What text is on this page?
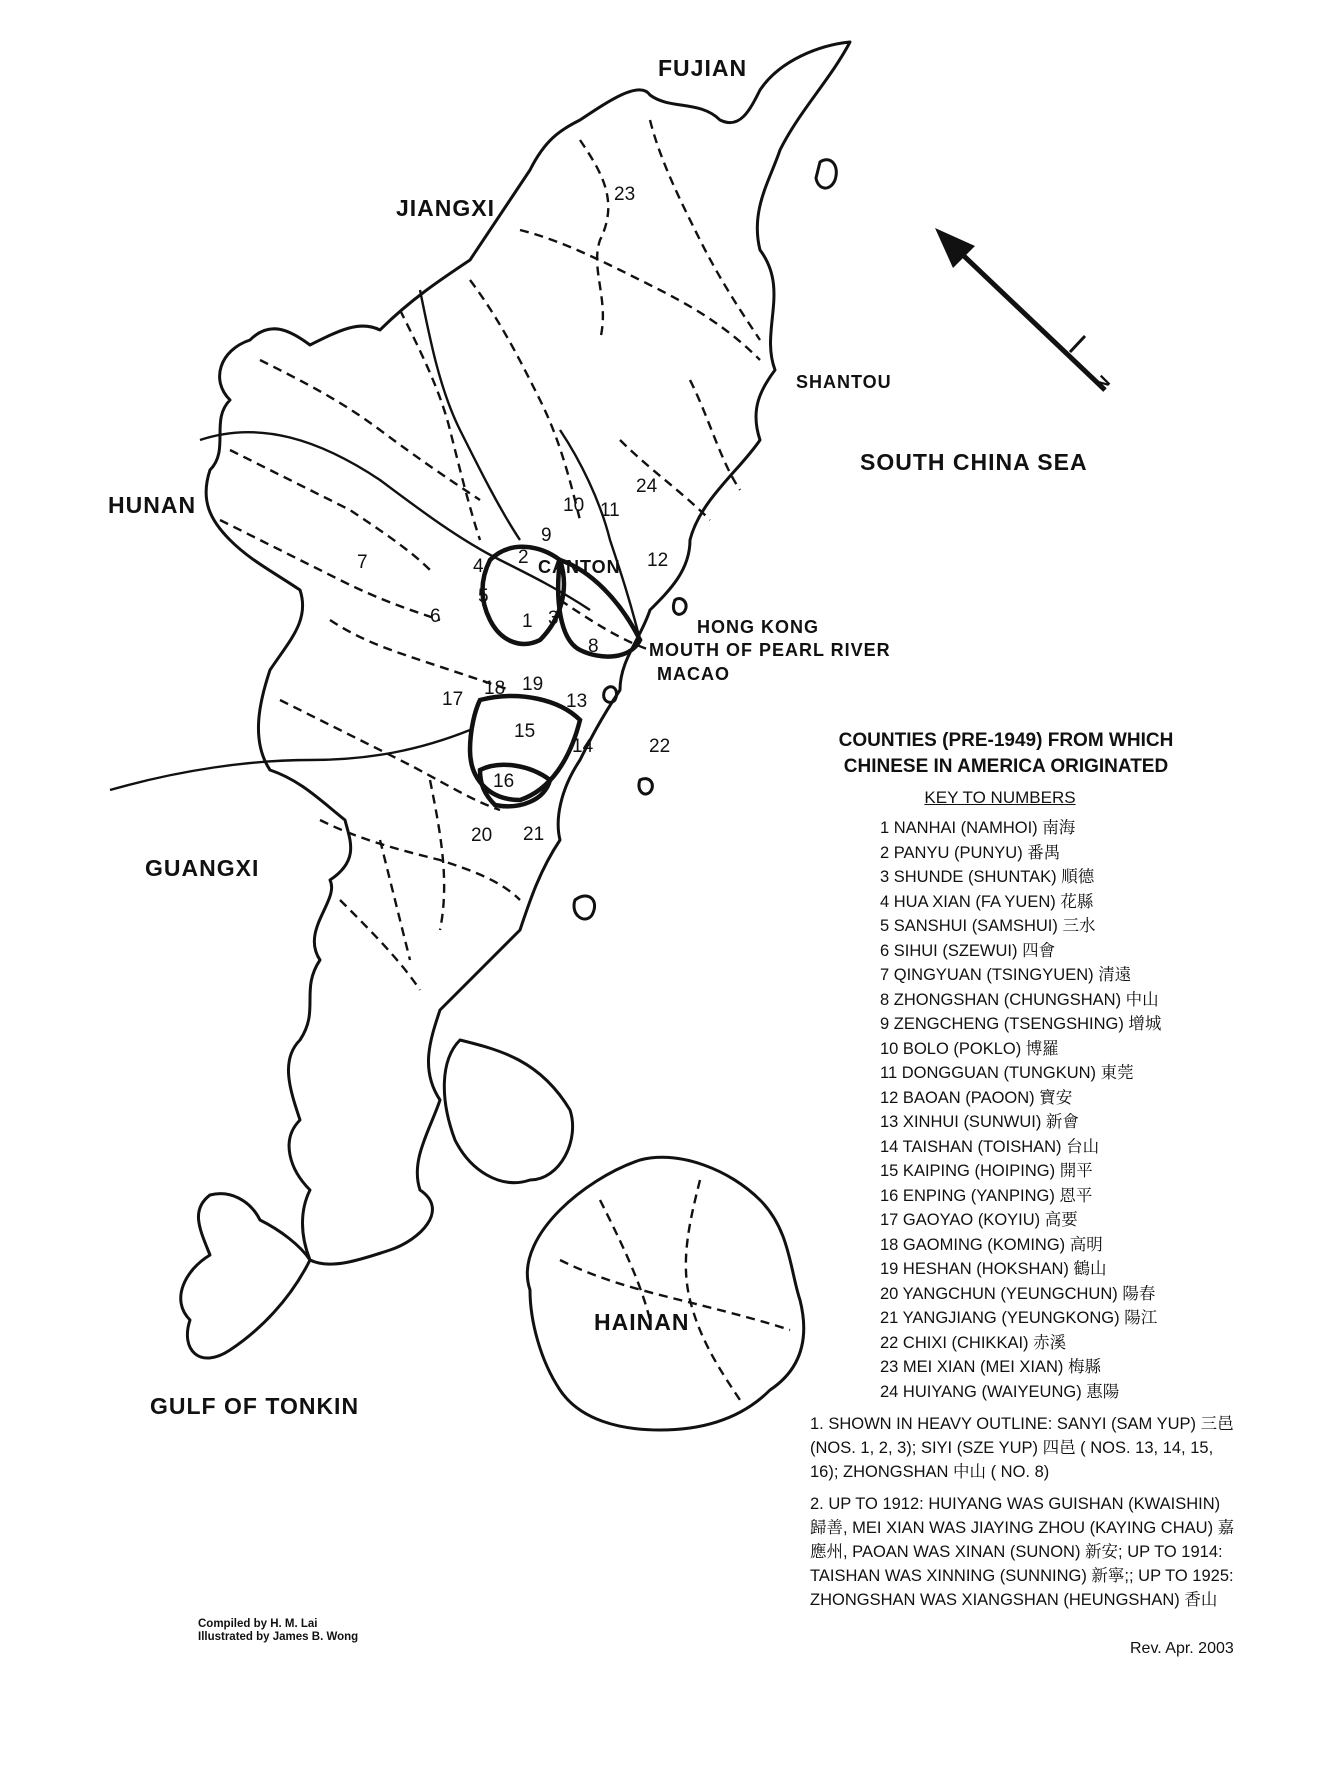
N
FUJIAN
JIANGXI
HUNAN
GUANGXI
HAINAN
SOUTH CHINA SEA
GULF OF TONKIN
SHANTOU
CANTON
HONG KONG
MOUTH OF PEARL RIVER
MACAO
1
2
3
4
5
6
7
8
9
10 11
12
13
14
15
16
17
18 19
20 21
22
23
24
COUNTIES (PRE-1949) FROM WHICH
CHINESE IN AMERICA ORIGINATED
KEY TO NUMBERS
1 NANHAI (NAMHOI) 南海
2 PANYU (PUNYU) 番禺
3 SHUNDE (SHUNTAK) 順德
4 HUA XIAN (FA YUEN) 花縣
5 SANSHUI (SAMSHUI) 三水
6 SIHUI (SZEWUI) 四會
7 QINGYUAN (TSINGYUEN) 清遠
8 ZHONGSHAN (CHUNGSHAN) 中山
9 ZENGCHENG (TSENGSHING) 增城
10 BOLO (POKLO) 博羅
11 DONGGUAN (TUNGKUN) 東莞
12 BAOAN (PAOON) 寶安
13 XINHUI (SUNWUI) 新會
14 TAISHAN (TOISHAN) 台山
15 KAIPING (HOIPING) 開平
16 ENPING (YANPING) 恩平
17 GAOYAO (KOYIU) 高要
18 GAOMING (KOMING) 高明
19 HESHAN (HOKSHAN) 鶴山
20 YANGCHUN (YEUNGCHUN) 陽春
21 YANGJIANG (YEUNGKONG) 陽江
22 CHIXI (CHIKKAI) 赤溪
23 MEI XIAN (MEI XIAN) 梅縣
24 HUIYANG (WAIYEUNG) 惠陽
1. SHOWN IN HEAVY OUTLINE: SANYI (SAM YUP) 三邑 (NOS. 1, 2, 3); SIYI (SZE YUP) 四邑 ( NOS. 13, 14, 15, 16); ZHONGSHAN 中山 ( NO. 8)
2. UP TO 1912: HUIYANG WAS GUISHAN (KWAISHIN) 歸善, MEI XIAN WAS JIAYING ZHOU (KAYING CHAU) 嘉應州, PAOAN WAS XINAN (SUNON) 新安; UP TO 1914: TAISHAN WAS XINNING (SUNNING) 新寧;; UP TO 1925: ZHONGSHAN WAS XIANGSHAN (HEUNGSHAN) 香山
Compiled by H. M. Lai
Illustrated by James B. Wong
Rev. Apr. 2003
